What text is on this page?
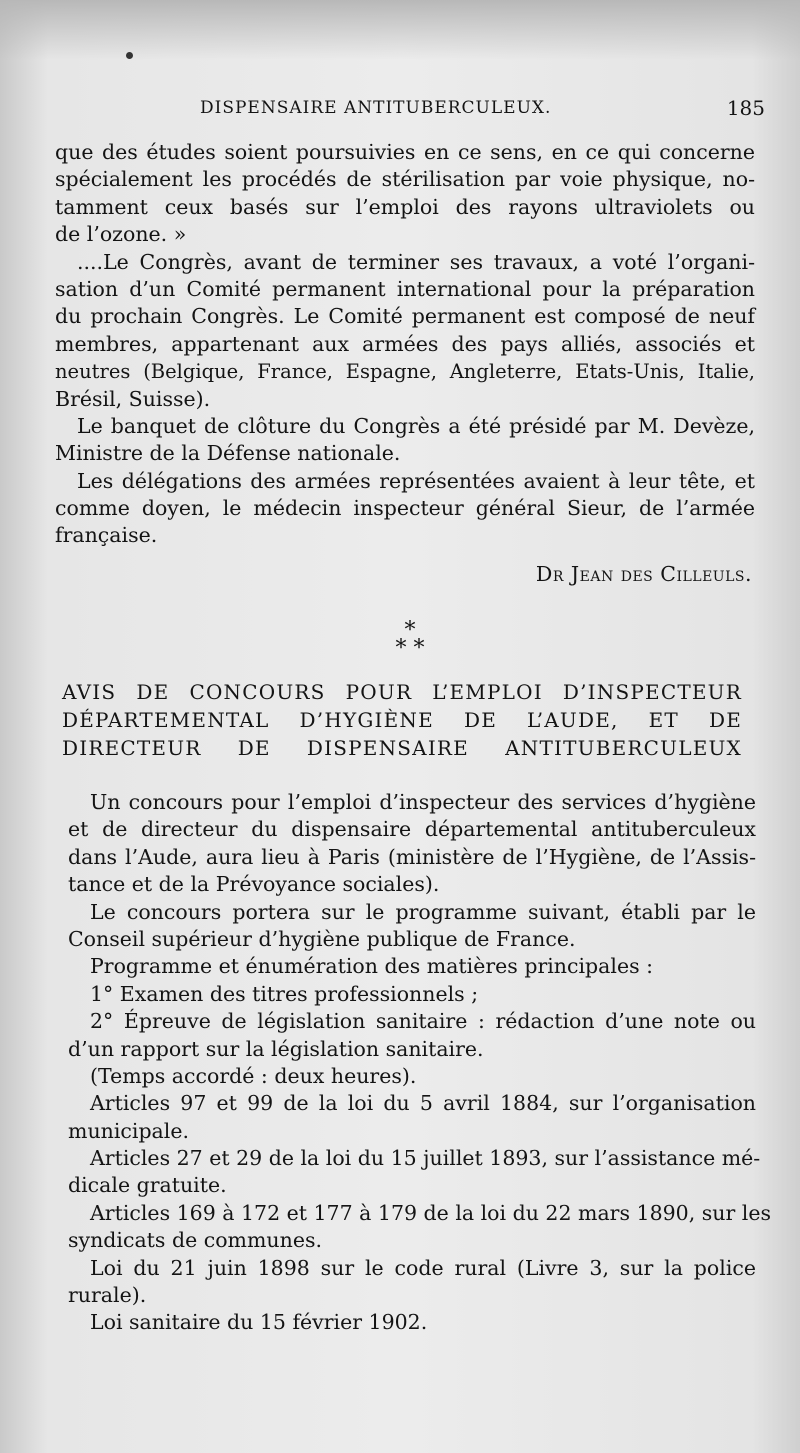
DISPENSAIRE ANTITUBERCULEUX.	185
que des études soient poursuivies en ce sens, en ce qui concerne
spécialement les procédés de stérilisation par voie physique, no-
tamment ceux basés sur l’emploi des rayons ultraviolets ou
de l’ozone. »
....Le Congrès, avant de terminer ses travaux, a voté l’organi-
sation d’un Comité permanent international pour la préparation
du prochain Congrès. Le Comité permanent est composé de neuf
membres, appartenant aux armées des pays alliés, associés et
neutres (Belgique, France, Espagne, Angleterre, Etats-Unis, Italie,
Brésil, Suisse).
Le banquet de clôture du Congrès a été présidé par M. Devèze,
Ministre de la Défense nationale.
Les délégations des armées représentées avaient à leur tête, et
comme doyen, le médecin inspecteur général Sieur, de l’armée
française.
Dr Jean des Cilleuls.
*
* *
AVIS DE CONCOURS POUR L’EMPLOI D’INSPECTEUR
DÉPARTEMENTAL D’HYGIÈNE DE L’AUDE, ET DE
DIRECTEUR DE DISPENSAIRE ANTITUBERCULEUX
Un concours pour l’emploi d’inspecteur des services d’hygiène
et de directeur du dispensaire départemental antituberculeux
dans l’Aude, aura lieu à Paris (ministère de l’Hygiène, de l’Assis-
tance et de la Prévoyance sociales).
Le concours portera sur le programme suivant, établi par le
Conseil supérieur d’hygiène publique de France.
Programme et énumération des matières principales :
1° Examen des titres professionnels ;
2° Épreuve de législation sanitaire : rédaction d’une note ou
d’un rapport sur la législation sanitaire.
(Temps accordé : deux heures).
Articles 97 et 99 de la loi du 5 avril 1884, sur l’organisation
municipale.
Articles 27 et 29 de la loi du 15 juillet 1893, sur l’assistance mé-
dicale gratuite.
Articles 169 à 172 et 177 à 179 de la loi du 22 mars 1890, sur les
syndicats de communes.
Loi du 21 juin 1898 sur le code rural (Livre 3, sur la police
rurale).
Loi sanitaire du 15 février 1902.
